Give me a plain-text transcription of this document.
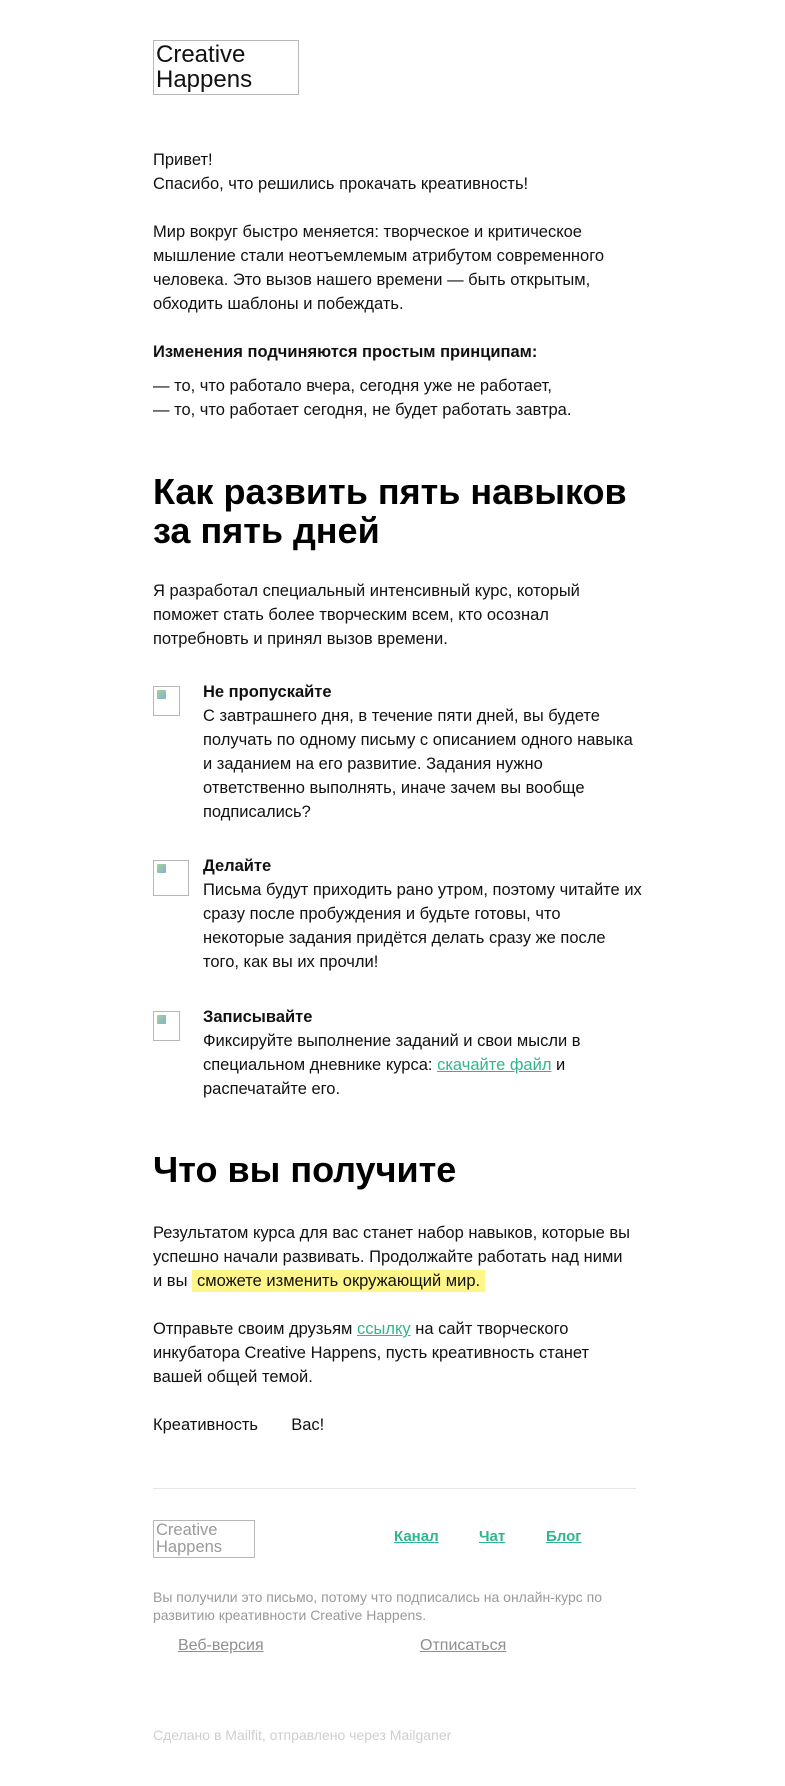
Creative Happens

Привет!

Спасибо, что решились прокачать креативность!

Мир вокруг быстро меняется: творческое и критическое мышление стали неотъемлемым атрибутом современного человека. Это вызов нашего времени — быть открытым, обходить шаблоны и побеждать.

Изменения подчиняются простым принципам:

— то, что работало вчера, сегодня уже не работает,

— то, что работает сегодня, не будет работать завтра.

Как развить пять навыков
за пять дней

Я разработал специальный интенсивный курс, который поможет стать более творческим всем, кто осознал потребновть и принял вызов времени.

Не пропускайте

С завтрашнего дня, в течение пяти дней, вы будете получать по одному письму с описанием одного навыка и заданием на его развитие. Задания нужно ответственно выполнять, иначе зачем вы вообще подписались?

Делайте

Письма будут приходить рано утром, поэтому читайте их сразу после пробуждения и будьте готовы, что некоторые задания придётся делать сразу же после того, как вы их прочли!

Записывайте

Фиксируйте выполнение заданий и свои мысли в специальном дневнике курса: скачайте файл и распечатайте его.

Что вы получите

Результатом курса для вас станет набор навыков, которые вы успешно начали развивать. Продолжайте работать над ними и вы сможете изменить окружающий мир.

Отправьте своим друзьям ссылку на сайт творческого инкубатора Creative Happens, пусть креативность станет вашей общей темой.

Креативность Вас!

Creative Happens
Канал	Чат	Блог
Вы получили это письмо, потому что подписались на онлайн-курс по развитию креативности Creative Happens.
Веб-версия	Отписаться
Сделано в Mailfit, отправлено через Mailganer
